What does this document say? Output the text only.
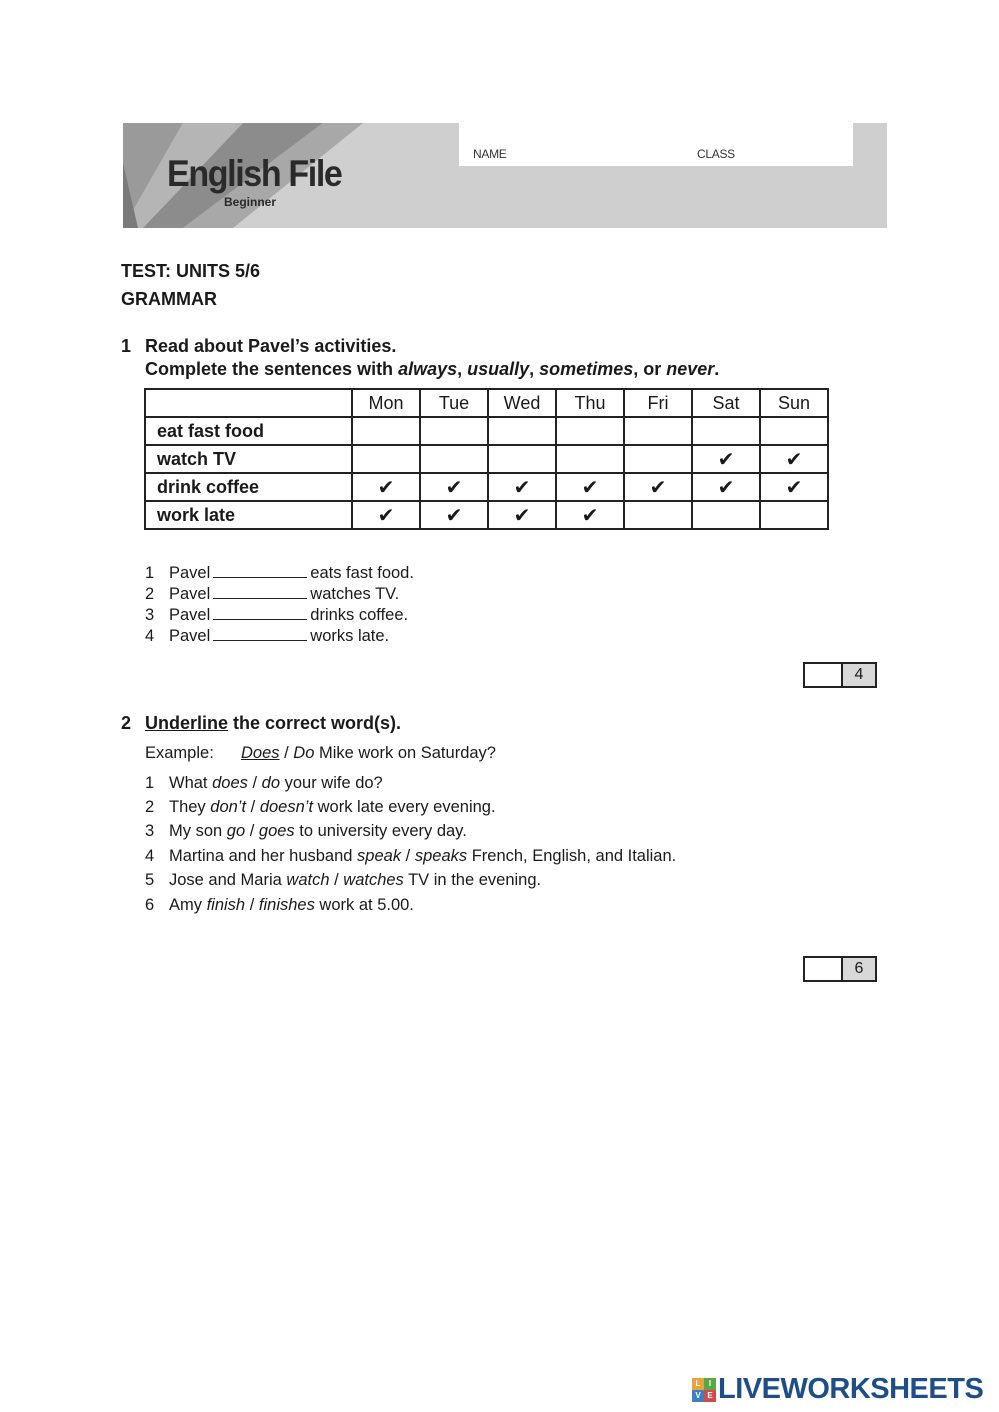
English File
Beginner
NAME	CLASS
TEST: UNITS 5/6
GRAMMAR
1 Read about Pavel’s activities.
Complete the sentences with always, usually, sometimes, or never.
	Mon	Tue	Wed	Thu	Fri	Sat	Sun
eat fast food							
watch TV						✔	✔
drink coffee	✔	✔	✔	✔	✔	✔	✔
work late	✔	✔	✔	✔			
1 Pavel	eats fast food.
2 Pavel	watches TV.
3 Pavel	drinks coffee.
4 Pavel	works late.
4
2 Underline the correct word(s).
Example: Does / Do Mike work on Saturday?
1 What does / do your wife do?
2 They don’t / doesn’t work late every evening.
3 My son go / goes to university every day.
4 Martina and her husband speak / speaks French, English, and Italian.
5 Jose and Maria watch / watches TV in the evening.
6 Amy finish / finishes work at 5.00.
6
L	I
V E LIVEWORKSHEETS
